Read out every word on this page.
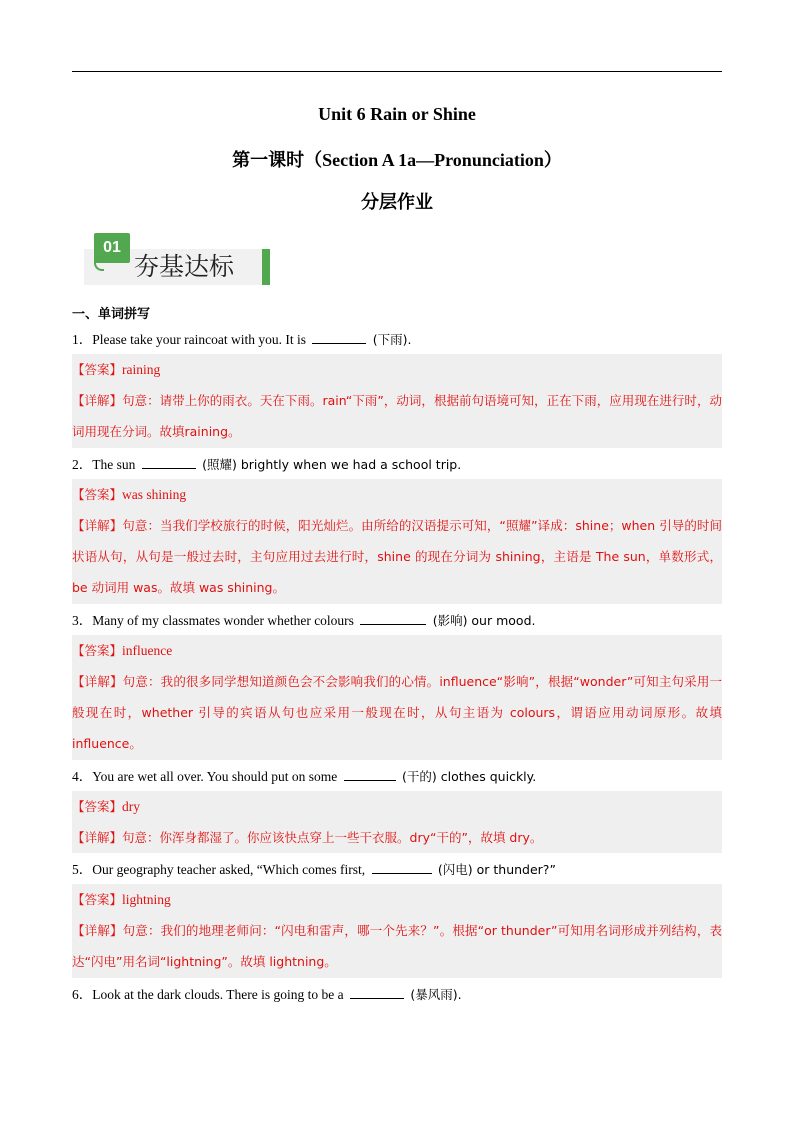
Unit 6 Rain or Shine
第一课时（Section A 1a—Pronunciation）
分层作业
01
夯基达标

一、单词拼写

1．Please take your raincoat with you. It is	(下雨).

【答案】raining
【详解】句意：请带上你的雨衣。天在下雨。rain“下雨”，动词，根据前句语境可知，正在下雨，应用现在进行时，动词用现在分词。故填raining。

2．The sun	(照耀) brightly when we had a school trip.

【答案】was shining
【详解】句意：当我们学校旅行的时候，阳光灿烂。由所给的汉语提示可知，“照耀”译成：shine；when 引导的时间状语从句，从句是一般过去时，主句应用过去进行时，shine 的现在分词为 shining，主语是 The sun，单数形式，be 动词用 was。故填 was shining。

3．Many of my classmates wonder whether colours	(影响) our mood.

【答案】influence
【详解】句意：我的很多同学想知道颜色会不会影响我们的心情。influence“影响”，根据“wonder”可知主句采用一般现在时，whether 引导的宾语从句也应采用一般现在时，从句主语为 colours，谓语应用动词原形。故填 influence。

4．You are wet all over. You should put on some	(干的) clothes quickly.

【答案】dry
【详解】句意：你浑身都湿了。你应该快点穿上一些干衣服。dry“干的”，故填 dry。

5．Our geography teacher asked, “Which comes first,	(闪电) or thunder?”

【答案】lightning
【详解】句意：我们的地理老师问：“闪电和雷声，哪一个先来？”。根据“or thunder”可知用名词形成并列结构，表达“闪电”用名词“lightning”。故填 lightning。

6．Look at the dark clouds. There is going to be a	(暴风雨).
